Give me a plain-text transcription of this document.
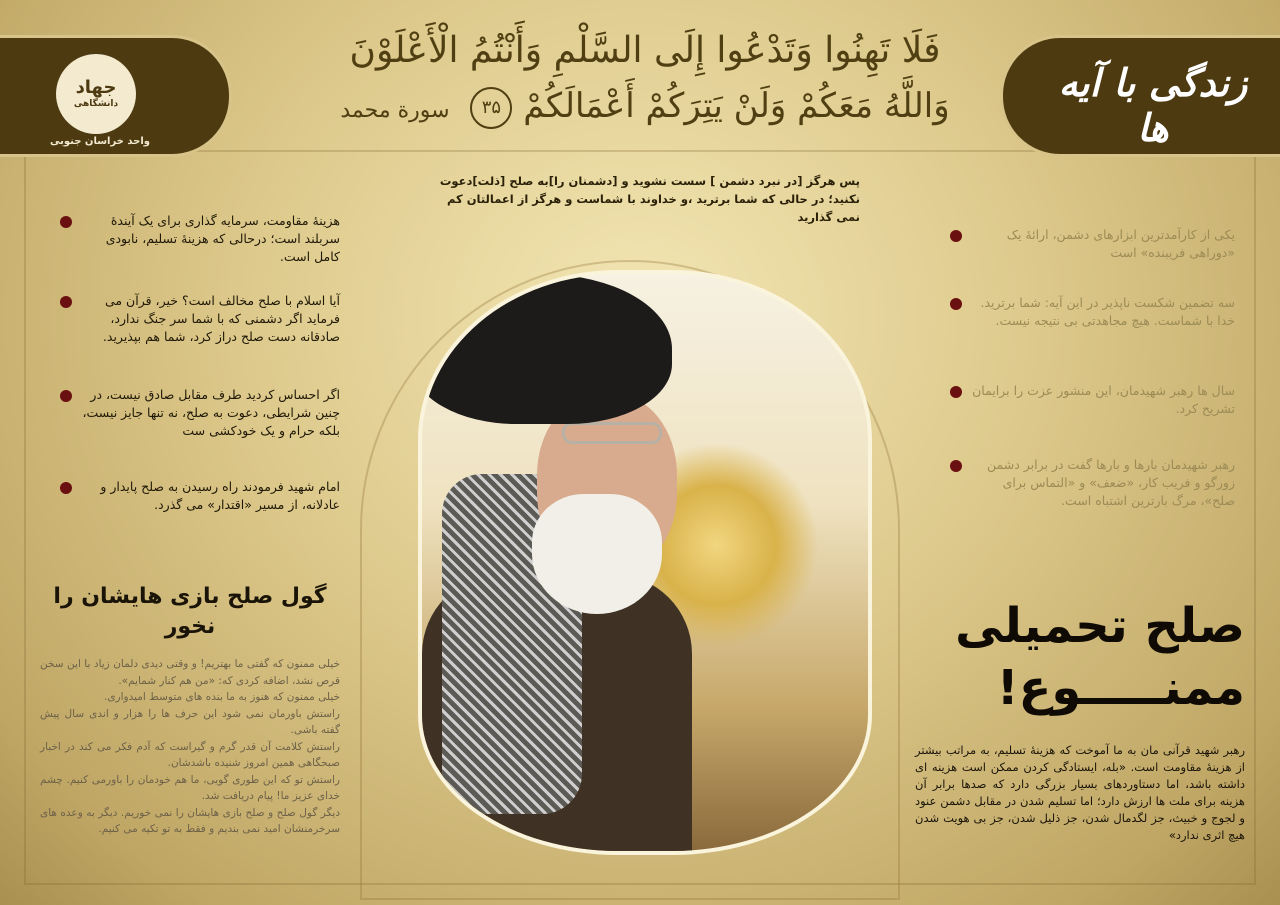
جهاد
دانشگاهی
واحد خراسان جنوبی
زندگی با آیه ها
فَلَا تَهِنُوا وَتَدْعُوا إِلَى السَّلْمِ وَأَنْتُمُ الْأَعْلَوْنَ
وَاللَّهُ مَعَكُمْ وَلَنْ يَتِرَكُمْ أَعْمَالَكُمْ ۳۵ سورة محمد
پس هرگز [در نبرد دشمن ] سست نشوید و [دشمنان را]به صلح [ذلت]دعوت نکنید؛ در حالی که شما برترید ،و خداوند با شماست و هرگز از اعمالتان کم نمی گذارید
هزینۀ مقاومت، سرمایه گذاری برای یک آیندۀ سربلند است؛ درحالی که هزینۀ تسلیم، نابودی کامل است.
آیا اسلام با صلح مخالف است؟ خیر، قرآن می فرماید اگر دشمنی که با شما سر جنگ ندارد، صادقانه دست صلح دراز کرد، شما هم بپذیرید.
اگر احساس کردید طرف مقابل صادق نیست، در چنین شرایطی، دعوت به صلح، نه تنها جایز نیست، بلکه حرام و یک خودکشی ست
امام شهید فرمودند راه رسیدن به صلح پایدار و عادلانه، از مسیر «اقتدار» می گذرد.
یکی از کارآمدترین ابزارهای دشمن، ارائۀ یک «دوراهی فریبنده» است
سه تضمین شکست ناپذیر در این آیه: شما برترید. خدا با شماست. هیچ مجاهدتی بی نتیجه نیست.
سال ها رهبر شهیدمان، این منشور عزت را برایمان تشریح کرد.
رهبر شهیدمان بارها و بارها گفت در برابر دشمن زورگو و فریب کار، «ضعف» و «التماس برای صلح»، مرگ بارترین اشتباه است.
صلح تحمیلی
ممنـــــوع!
رهبر شهید قرآنی مان به ما آموخت که هزینۀ تسلیم، به مراتب بیشتر از هزینۀ مقاومت است. «بله، ایستادگی کردن ممکن است هزینه ای داشته باشد، اما دستاوردهای بسیار بزرگی دارد که صدها برابر آن هزینه برای ملت ها ارزش دارد؛ اما تسلیم شدن در مقابل دشمن عنود و لجوج و خبیث، جز لگدمال شدن، جز ذلیل شدن، جز بی هویت شدن هیچ اثری ندارد»
گول صلح بازی هایشان را نخور
خیلی ممنون که گفتی ما بهتریم! و وقتی دیدی دلمان زیاد با این سخن قرص نشد، اضافه کردی که: «من هم کنار شمایم».
خیلی ممنون که هنوز به ما بنده های متوسط امیدواری.
راستش باورمان نمی شود این حرف ها را هزار و اندی سال پیش گفته باشی.
راستش کلامت آن قدر گرم و گیراست که آدم فکر می کند در اخبار صبحگاهی همین امروز شنیده باشدشان.
راستش تو که این طوری گویی، ما هم خودمان را باورمی کنیم. چشم خدای عزیز ما! پیام دریافت شد.
دیگر گول صلح و صلح بازی هایشان را نمی خوریم. دیگر به وعده های سرخرمنشان امید نمی بندیم و فقط به تو تکیه می کنیم.
